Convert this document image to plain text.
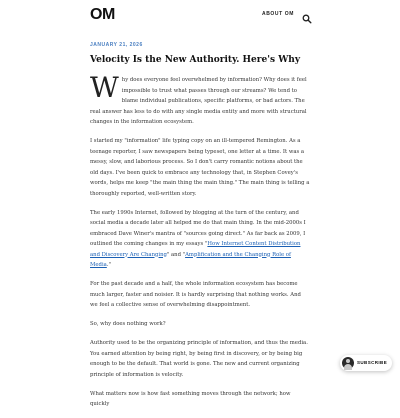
OM	ABOUT OM
JANUARY 21, 2026
Velocity Is the New Authority. Here's Why

Why does everyone feel overwhelmed by information? Why does it feel impossible to trust what passes through our streams? We tend to blame individual publications, specific platforms, or bad actors. The real answer has less to do with any single media entity and more with structural changes in the information ecosystem.

I started my "information" life typing copy on an ill-tempered Remington. As a teenage reporter, I saw newspapers being typeset, one letter at a time. It was a messy, slow, and laborious process. So I don't carry romantic notions about the old days. I've been quick to embrace any technology that, in Stephen Covey's words, helps me keep "the main thing the main thing." The main thing is telling a thoroughly reported, well-written story.

The early 1990s Internet, followed by blogging at the turn of the century, and social media a decade later all helped me do that main thing. In the mid-2000s I embraced Dave Winer's mantra of "sources going direct." As far back as 2009, I outlined the coming changes in my essays "How Internet Content Distribution and Discovery Are Changing" and "Amplification and the Changing Role of Media."

For the past decade and a half, the whole information ecosystem has become much larger, faster and noisier. It is hardly surprising that nothing works. And we feel a collective sense of overwhelming disappointment.

So, why does nothing work?

Authority used to be the organizing principle of information, and thus the media. You earned attention by being right, by being first in discovery, or by being big enough to be the default. That world is gone. The new and current organizing principle of information is velocity.

What matters now is how fast something moves through the network; how quickly

SUBSCRIBE
